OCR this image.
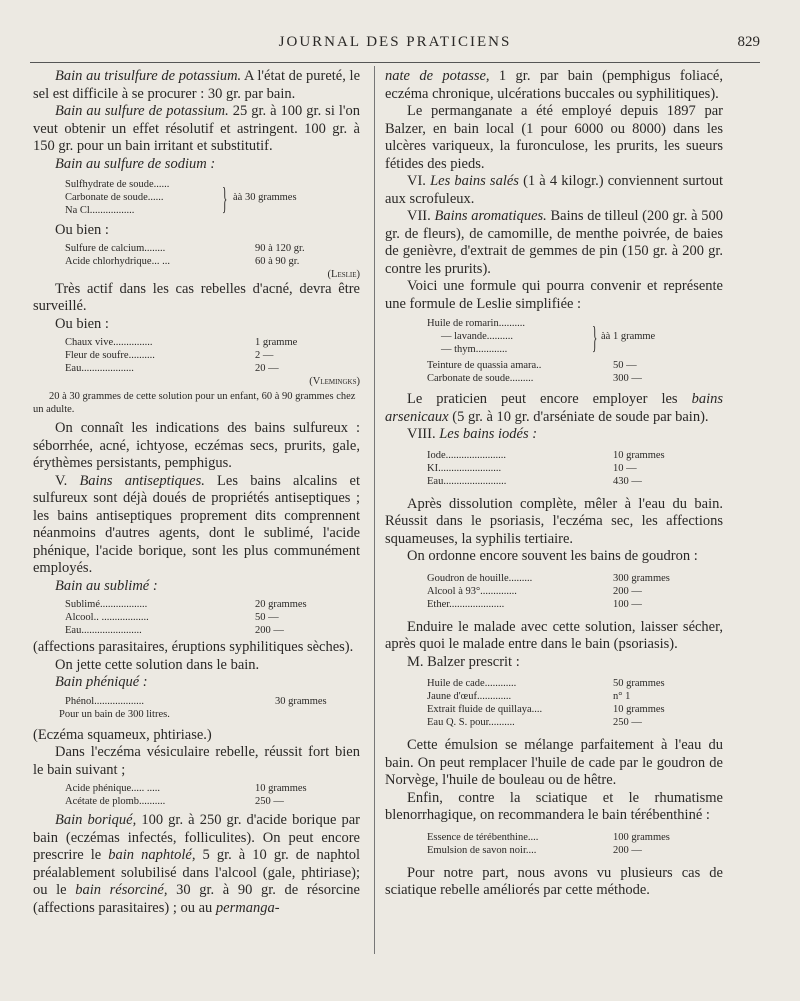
JOURNAL DES PRATICIENS	829

Bain au trisulfure de potassium. A l'état de pureté, le sel est difficile à se procurer : 30 gr. par bain.

Bain au sulfure de potassium. 25 gr. à 100 gr. si l'on veut obtenir un effet résolutif et astringent. 100 gr. à 150 gr. pour un bain irritant et substitutif.

Bain au sulfure de sodium :

Sulfhydrate de soude......
Carbonate de soude......
Na Cl.................	} àà 30 grammes

Ou bien :

Sulfure de calcium........	90 à 120 gr.
Acide chlorhydrique... ...	60 à 90 gr.
(Leslie)

Très actif dans les cas rebelles d'acné, devra être surveillé.

Ou bien :

Chaux vive...............	1 gramme
Fleur de soufre..........	2 —
Eau....................	20 —
(Vlemingks)

20 à 30 grammes de cette solution pour un enfant, 60 à 90 grammes chez un adulte.

On connaît les indications des bains sulfureux : séborrhée, acné, ichtyose, eczémas secs, prurits, gale, érythèmes persistants, pemphigus.

V. Bains antiseptiques. Les bains alcalins et sulfureux sont déjà doués de propriétés antiseptiques ; les bains antiseptiques proprement dits comprennent néanmoins d'autres agents, dont le sublimé, l'acide phénique, l'acide borique, sont les plus communément employés.

Bain au sublimé :

Sublimé..................	20 grammes
Alcool.. ..................	50 —
Eau.......................	200 —

(affections parasitaires, éruptions syphilitiques sèches).

On jette cette solution dans le bain.

Bain phéniqué :

Phénol...................	30 grammes
Pour un bain de 300 litres.

(Eczéma squameux, phtiriase.)

Dans l'eczéma vésiculaire rebelle, réussit fort bien le bain suivant ;

Acide phénique..... .....	10 grammes
Acétate de plomb..........	250 —

Bain boriqué, 100 gr. à 250 gr. d'acide borique par bain (eczémas infectés, folliculites). On peut encore prescrire le bain naphtolé, 5 gr. à 10 gr. de naphtol préalablement solubilisé dans l'alcool (gale, phtiriase); ou le bain résorciné, 30 gr. à 90 gr. de résorcine (affections parasitaires) ; ou au permanga-

nate de potasse, 1 gr. par bain (pemphigus foliacé, eczéma chronique, ulcérations buccales ou syphilitiques).

Le permanganate a été employé depuis 1897 par Balzer, en bain local (1 pour 6000 ou 8000) dans les ulcères variqueux, la furonculose, les prurits, les sueurs fétides des pieds.

VI. Les bains salés (1 à 4 kilogr.) conviennent surtout aux scrofuleux.

VII. Bains aromatiques. Bains de tilleul (200 gr. à 500 gr. de fleurs), de camomille, de menthe poivrée, de baies de genièvre, d'extrait de gemmes de pin (150 gr. à 200 gr. contre les prurits).

Voici une formule qui pourra convenir et représente une formule de Leslie simplifiée :

Huile de romarin..........
— lavande..........
— thym............	} àà 1 gramme
Teinture de quassia amara..	50 —
Carbonate de soude.........	300 —

Le praticien peut encore employer les bains arsenicaux (5 gr. à 10 gr. d'arséniate de soude par bain).

VIII. Les bains iodés :

Iode.......................	10 grammes
KI........................	10 —
Eau........................	430 —

Après dissolution complète, mêler à l'eau du bain. Réussit dans le psoriasis, l'eczéma sec, les affections squameuses, la syphilis tertiaire.

On ordonne encore souvent les bains de goudron :

Goudron de houille.........	300 grammes
Alcool à 93°..............	200 —
Ether.....................	100 —

Enduire le malade avec cette solution, laisser sécher, après quoi le malade entre dans le bain (psoriasis).

M. Balzer prescrit :

Huile de cade............	50 grammes
Jaune d'œuf.............	n° 1
Extrait fluide de quillaya....	10 grammes
Eau Q. S. pour..........	250 —

Cette émulsion se mélange parfaitement à l'eau du bain. On peut remplacer l'huile de cade par le goudron de Norvège, l'huile de bouleau ou de hêtre.

Enfin, contre la sciatique et le rhumatisme blenorrhagique, on recommandera le bain térébenthiné :

Essence de térébenthine....	100 grammes
Emulsion de savon noir....	200 —

Pour notre part, nous avons vu plusieurs cas de sciatique rebelle améliorés par cette méthode.
